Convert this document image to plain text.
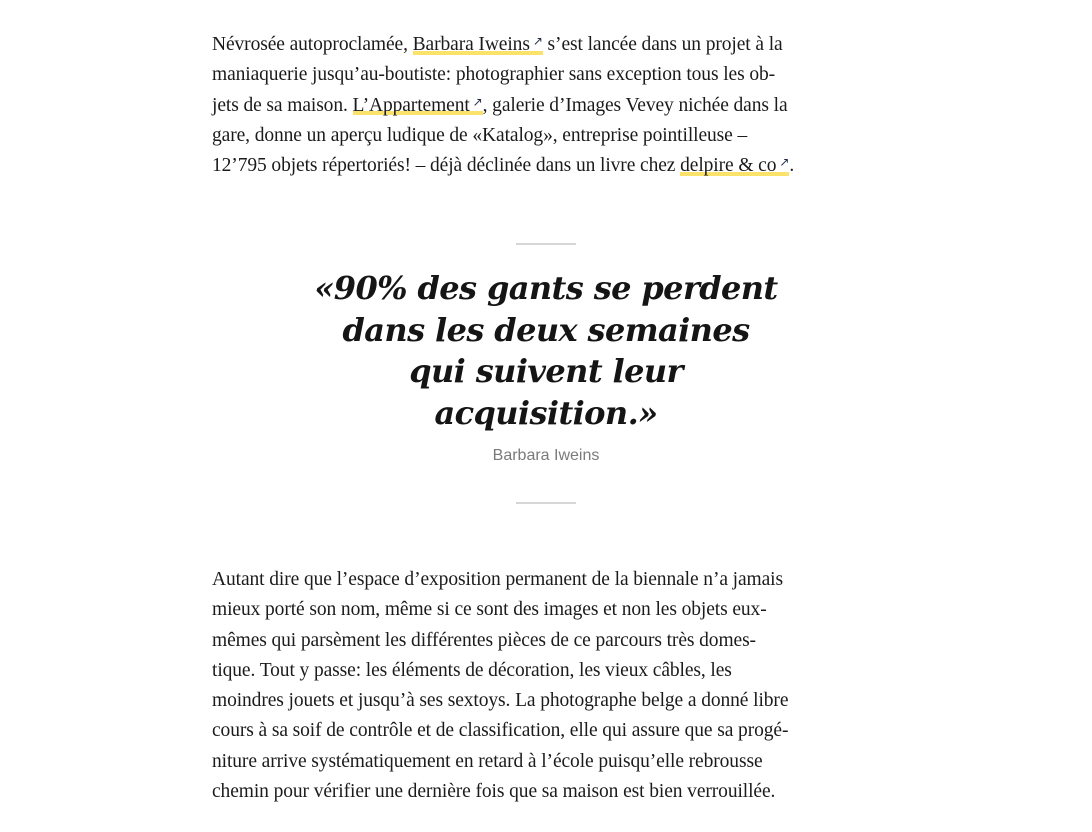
Névrosée autoproclamée, Barbara Iweins ↗ s’est lancée dans un projet à la
maniaquerie jusqu’au-boutiste: photographier sans exception tous les ob-
jets de sa maison. L’Appartement ↗, galerie d’Images Vevey nichée dans la
gare, donne un aperçu ludique de «Katalog», entreprise pointilleuse –
12’795 objets répertoriés! – déjà déclinée dans un livre chez delpire & co ↗.

«90% des gants se perdent
dans les deux semaines
qui suivent leur
acquisition.»
Barbara Iweins

Autant dire que l’espace d’exposition permanent de la biennale n’a jamais
mieux porté son nom, même si ce sont des images et non les objets eux-
mêmes qui parsèment les différentes pièces de ce parcours très domes-
tique. Tout y passe: les éléments de décoration, les vieux câbles, les
moindres jouets et jusqu’à ses sextoys. La photographe belge a donné libre
cours à sa soif de contrôle et de classification, elle qui assure que sa progé-
niture arrive systématiquement en retard à l’école puisqu’elle rebrousse
chemin pour vérifier une dernière fois que sa maison est bien verrouillée.
